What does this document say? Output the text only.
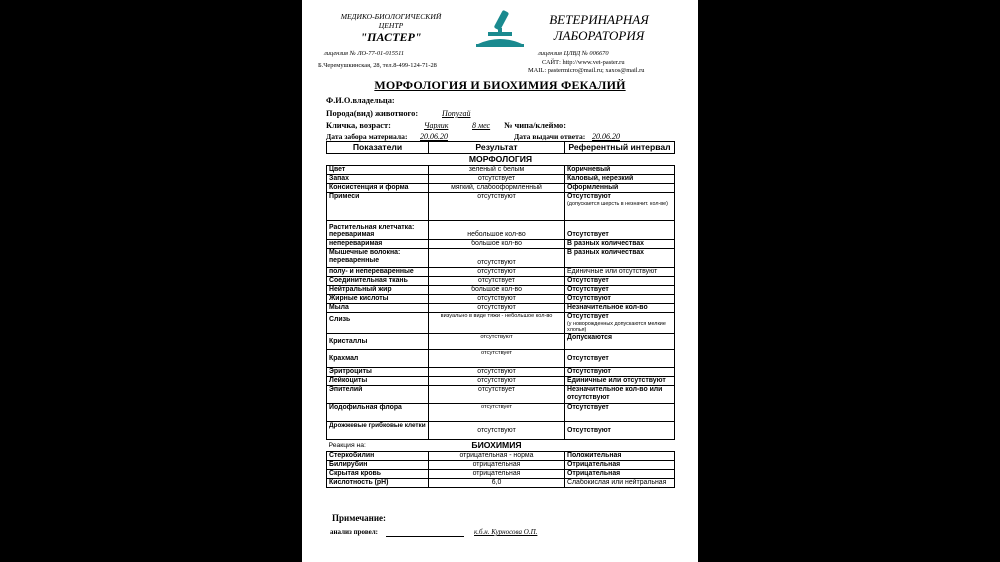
МЕДИКО-БИОЛОГИЧЕСКИЙ
ЦЕНТР
"ПАСТЕР"
ВЕТЕРИНАРНАЯ
ЛАБОРАТОРИЯ
лицензия № ЛО-77-01-015511
Б.Черемушкинская, 28, тел.8-499-124-71-28
лицензия ЦЛВД № 006670
САЙТ: http://www.vet-paster.ru
MAIL: pastermicro@mail.ru; xaxos@mail.ru
МОРФОЛОГИЯ И БИОХИМИЯ ФЕКАЛИЙ
Ф.И.О.владельца:
Порода(вид) животного:	Попугай
Кличка, возраст:	Чарлик	8 мес № чипа/клеймо:
Дата забора материала: 20.06.20	Дата выдачи ответа: 20.06.20
Показатели	Результат	Референтный интервал
МОРФОЛОГИЯ		
Цвет	зеленый с белым	Коричневый
Запах	отсутствует	Каловый, нерезкий
Консистенция и форма	мягкий, слабооформленный	Оформленный
Примеси	отсутствуют	Отсутствуют
(допускается шерсть в незначит. кол-ве)

Растительная клетчатка:
переваримая	небольшое кол-во	Отсутствует
непереваримая	большое кол-во	В разных количествах

Мышечные волокна:
переваренные	отсутствуют	В разных количествах
полу- и непереваренные	отсутствуют	Единичные или отсутствуют
Соединительная ткань	отсутствует	Отсутствует
Нейтральный жир	большое кол-во	Отсутствует
Жирные кислоты	отсутствуют	Отсутствуют
Мыла	отсутствуют	Незначительное кол-во
Слизь	визуально в виде тяжи - небольшое кол-во	Отсутствует
(у новорожденных допускаются мелкие хлопья)

Кристаллы	отсутствуют	Допускаются
Крахмал	отсутствует	Отсутствует
Эритроциты	отсутствуют	Отсутствуют
Лейкоциты	отсутствуют	Единичные или отсутствуют
Эпителий	отсутствует	Незначительное кол-во или отсутствуют
Иодофильная флора	отсутствует	Отсутствует
Дрожжевые грибковые клетки	отсутствуют	Отсутствуют
Реакция на:	БИОХИМИЯ	
Стеркобилин	отрицательная - норма	Положительная
Билирубин	отрицательная	Отрицательная
Скрытая кровь	отрицательная	Отрицательная
Кислотность (pH)	6,0	Слабокислая или нейтральная
Примечание:
анализ провел:	к.б.н. Курносова О.П.
